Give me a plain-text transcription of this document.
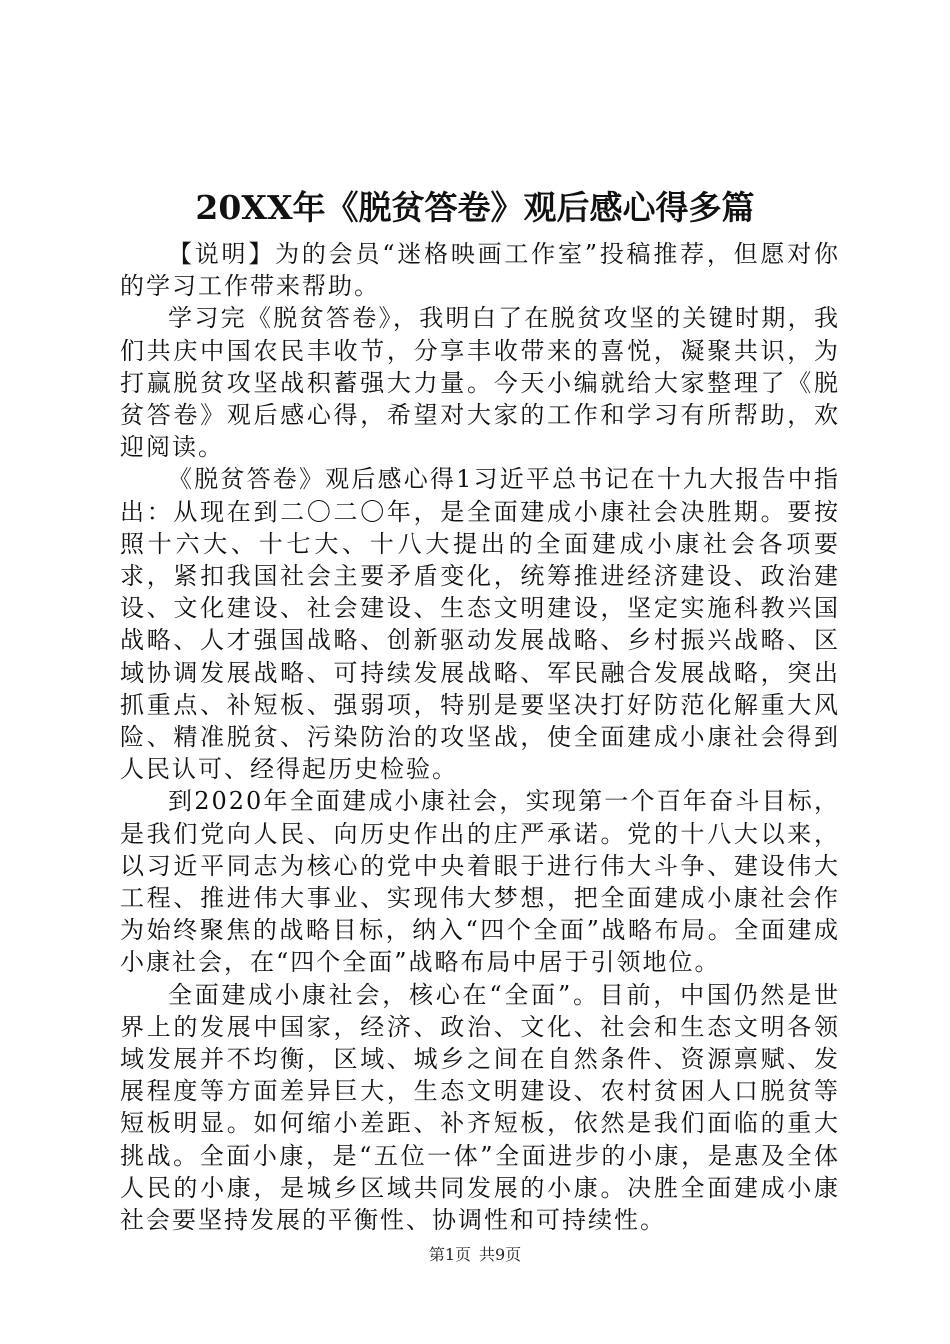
20XX年《脱贫答卷》观后感心得多篇

【说明】为的会员“迷格映画工作室”投稿推荐，但愿对你的学习工作带来帮助。

学习完《脱贫答卷》，我明白了在脱贫攻坚的关键时期，我们共庆中国农民丰收节，分享丰收带来的喜悦，凝聚共识，为打赢脱贫攻坚战积蓄强大力量。今天小编就给大家整理了《脱贫答卷》观后感心得，希望对大家的工作和学习有所帮助，欢迎阅读。

《脱贫答卷》观后感心得1习近平总书记在十九大报告中指出：从现在到二〇二〇年，是全面建成小康社会决胜期。要按照十六大、十七大、十八大提出的全面建成小康社会各项要求，紧扣我国社会主要矛盾变化，统筹推进经济建设、政治建设、文化建设、社会建设、生态文明建设，坚定实施科教兴国战略、人才强国战略、创新驱动发展战略、乡村振兴战略、区域协调发展战略、可持续发展战略、军民融合发展战略，突出抓重点、补短板、强弱项，特别是要坚决打好防范化解重大风险、精准脱贫、污染防治的攻坚战，使全面建成小康社会得到人民认可、经得起历史检验。

到2020年全面建成小康社会，实现第一个百年奋斗目标，是我们党向人民、向历史作出的庄严承诺。党的十八大以来，以习近平同志为核心的党中央着眼于进行伟大斗争、建设伟大工程、推进伟大事业、实现伟大梦想，把全面建成小康社会作为始终聚焦的战略目标，纳入“四个全面”战略布局。全面建成小康社会，在“四个全面”战略布局中居于引领地位。

全面建成小康社会，核心在“全面”。目前，中国仍然是世界上的发展中国家，经济、政治、文化、社会和生态文明各领域发展并不均衡，区域、城乡之间在自然条件、资源禀赋、发展程度等方面差异巨大，生态文明建设、农村贫困人口脱贫等短板明显。如何缩小差距、补齐短板，依然是我们面临的重大挑战。全面小康，是“五位一体”全面进步的小康，是惠及全体人民的小康，是城乡区域共同发展的小康。决胜全面建成小康社会要坚持发展的平衡性、协调性和可持续性。

第1页 共9页
